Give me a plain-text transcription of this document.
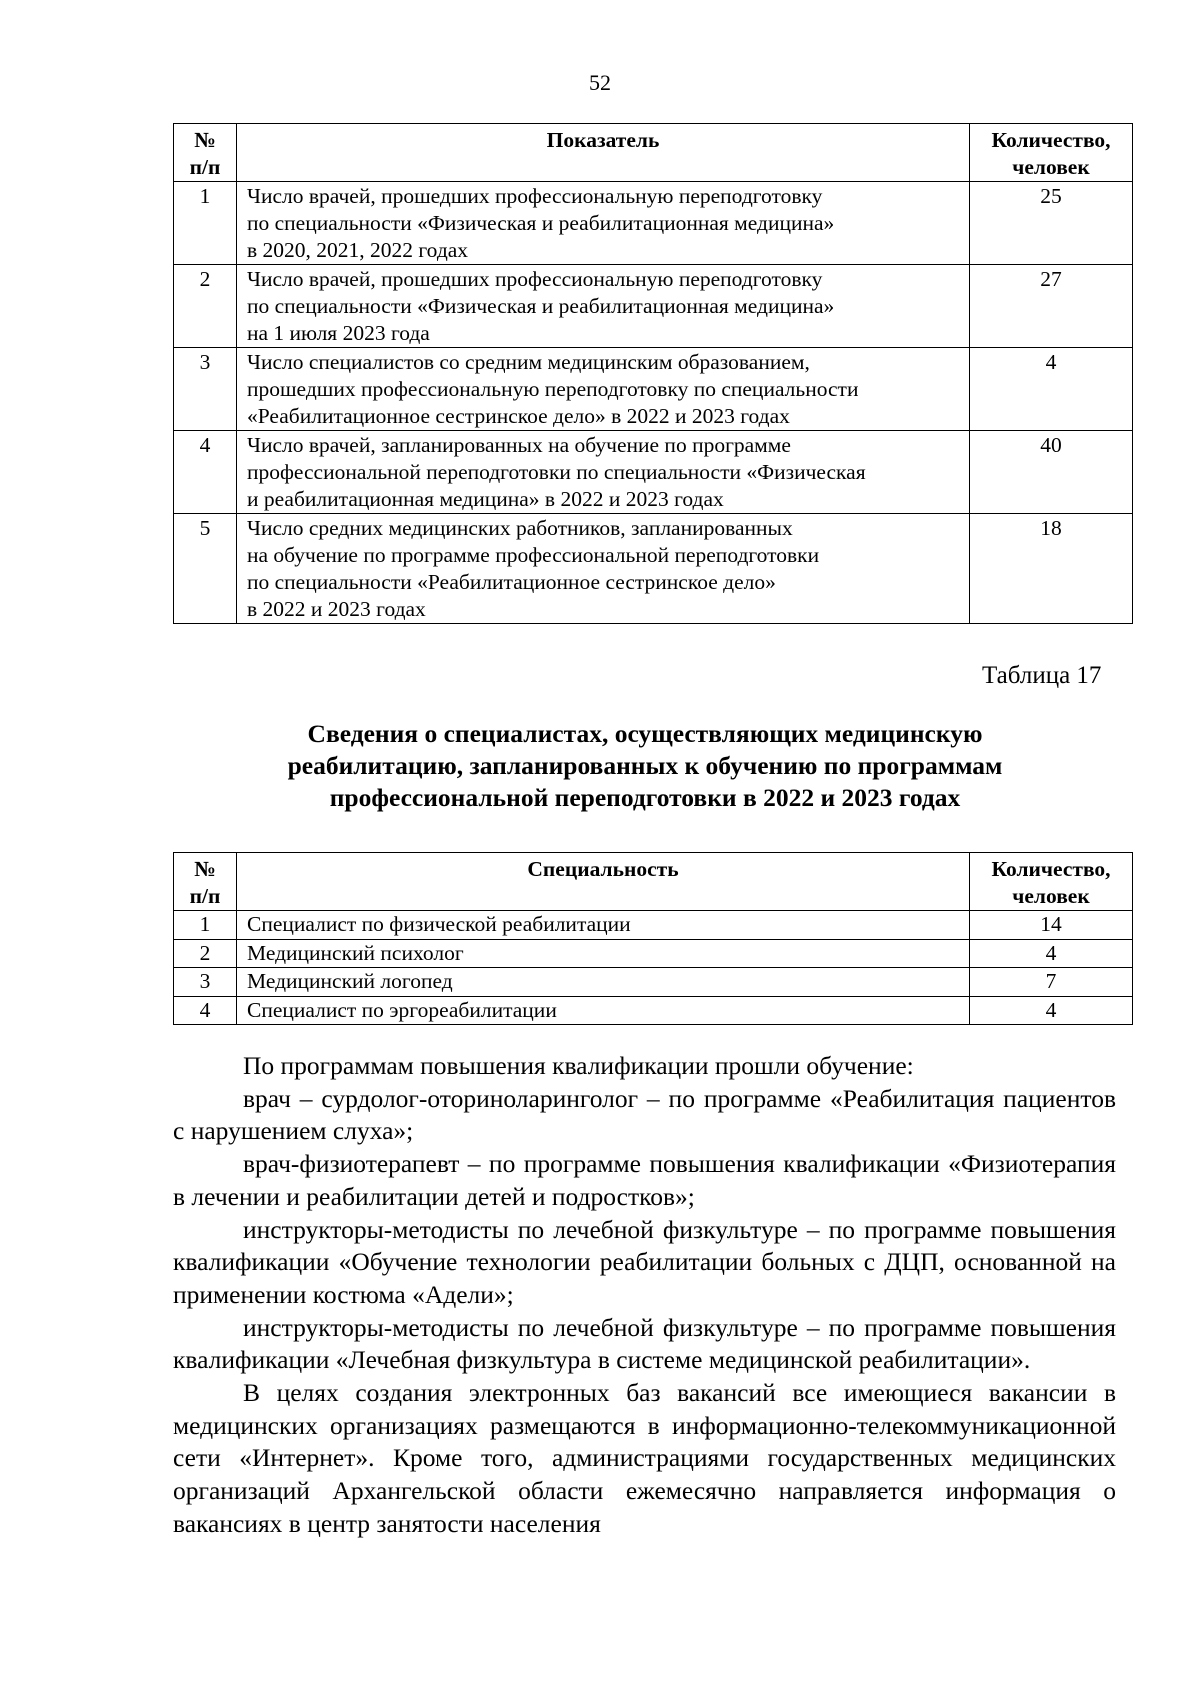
52
№
п/п	Показатель	Количество,
человек

1	Число врачей, прошедших профессиональную переподготовку
по специальности «Физическая и реабилитационная медицина»
в 2020, 2021, 2022 годах	25
2	Число врачей, прошедших профессиональную переподготовку
по специальности «Физическая и реабилитационная медицина»
на 1 июля 2023 года	27
3	Число специалистов со средним медицинским образованием,
прошедших профессиональную переподготовку по специальности
«Реабилитационное сестринское дело» в 2022 и 2023 годах	4
4	Число врачей, запланированных на обучение по программе
профессиональной переподготовки по специальности «Физическая
и реабилитационная медицина» в 2022 и 2023 годах	40
5	Число средних медицинских работников, запланированных
на обучение по программе профессиональной переподготовки
по специальности «Реабилитационное сестринское дело»
в 2022 и 2023 годах	18
Таблица 17
Сведения о специалистах, осуществляющих медицинскую
реабилитацию, запланированных к обучению по программам
профессиональной переподготовки в 2022 и 2023 годах
№
п/п	Специальность	Количество,
человек

1	Специалист по физической реабилитации	14
2	Медицинский психолог	4
3	Медицинский логопед	7
4	Специалист по эргореабилитации	4

По программам повышения квалификации прошли обучение:

врач – сурдолог-оториноларинголог – по программе «Реабилитация пациентов с нарушением слуха»;

врач-физиотерапевт – по программе повышения квалификации «Физиотерапия в лечении и реабилитации детей и подростков»;

инструкторы-методисты по лечебной физкультуре – по программе повышения квалификации «Обучение технологии реабилитации больных с ДЦП, основанной на применении костюма «Адели»;

инструкторы-методисты по лечебной физкультуре – по программе повышения квалификации «Лечебная физкультура в системе медицинской реабилитации».

В целях создания электронных баз вакансий все имеющиеся вакансии в медицинских организациях размещаются в информационно-телекоммуникационной сети «Интернет». Кроме того, администрациями государственных медицинских организаций Архангельской области ежемесячно направляется информация о вакансиях в центр занятости населения
